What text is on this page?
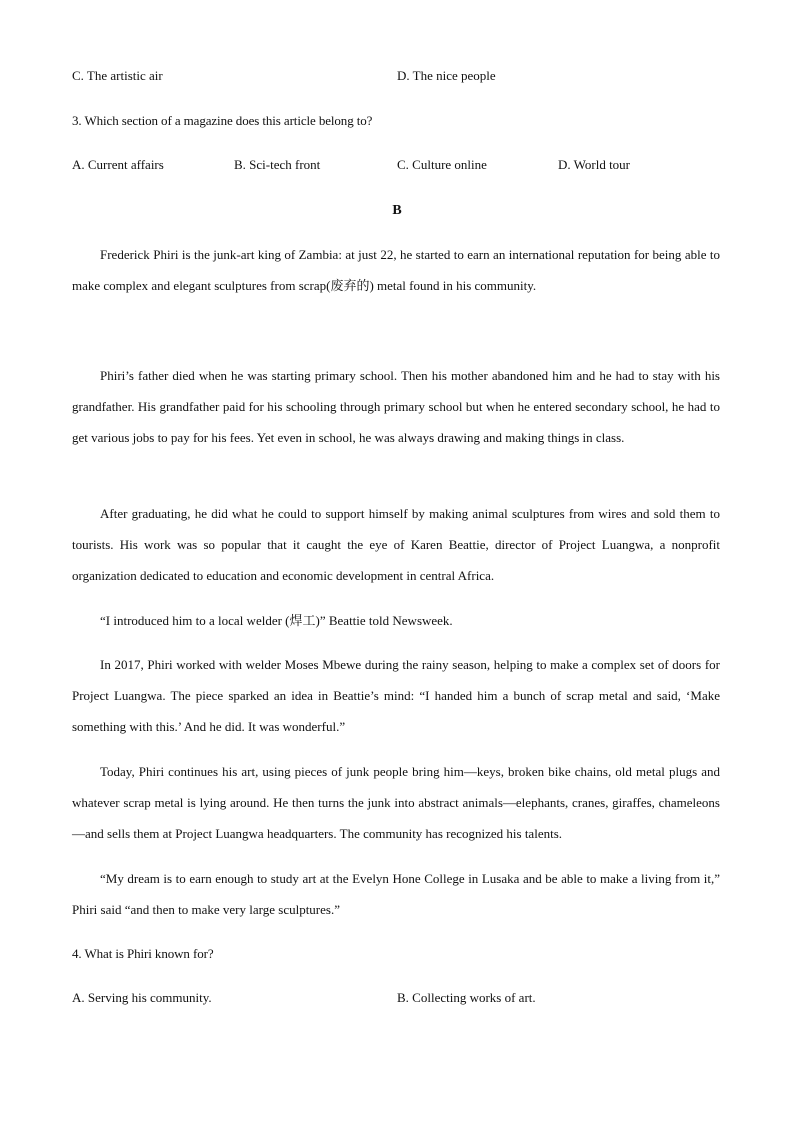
C. The artistic air	D. The nice people
3. Which section of a magazine does this article belong to?
A. Current affairs	B. Sci-tech front	C. Culture online	D. World tour
B

Frederick Phiri is the junk-art king of Zambia: at just 22, he started to earn an international reputation for being able to make complex and elegant sculptures from scrap(废弃的) metal found in his community.

Phiri’s father died when he was starting primary school. Then his mother abandoned him and he had to stay with his grandfather. His grandfather paid for his schooling through primary school but when he entered secondary school, he had to get various jobs to pay for his fees. Yet even in school, he was always drawing and making things in class.

After graduating, he did what he could to support himself by making animal sculptures from wires and sold them to tourists. His work was so popular that it caught the eye of Karen Beattie, director of Project Luangwa, a nonprofit organization dedicated to education and economic development in central Africa.

“I introduced him to a local welder (焊工)” Beattie told Newsweek.

In 2017, Phiri worked with welder Moses Mbewe during the rainy season, helping to make a complex set of doors for Project Luangwa. The piece sparked an idea in Beattie’s mind: “I handed him a bunch of scrap metal and said, ‘Make something with this.’ And he did. It was wonderful.”

Today, Phiri continues his art, using pieces of junk people bring him—keys, broken bike chains, old metal plugs and whatever scrap metal is lying around. He then turns the junk into abstract animals—elephants, cranes, giraffes, chameleons—and sells them at Project Luangwa headquarters. The community has recognized his talents.

“My dream is to earn enough to study art at the Evelyn Hone College in Lusaka and be able to make a living from it,” Phiri said “and then to make very large sculptures.”

4. What is Phiri known for?
A. Serving his community.	B. Collecting works of art.
